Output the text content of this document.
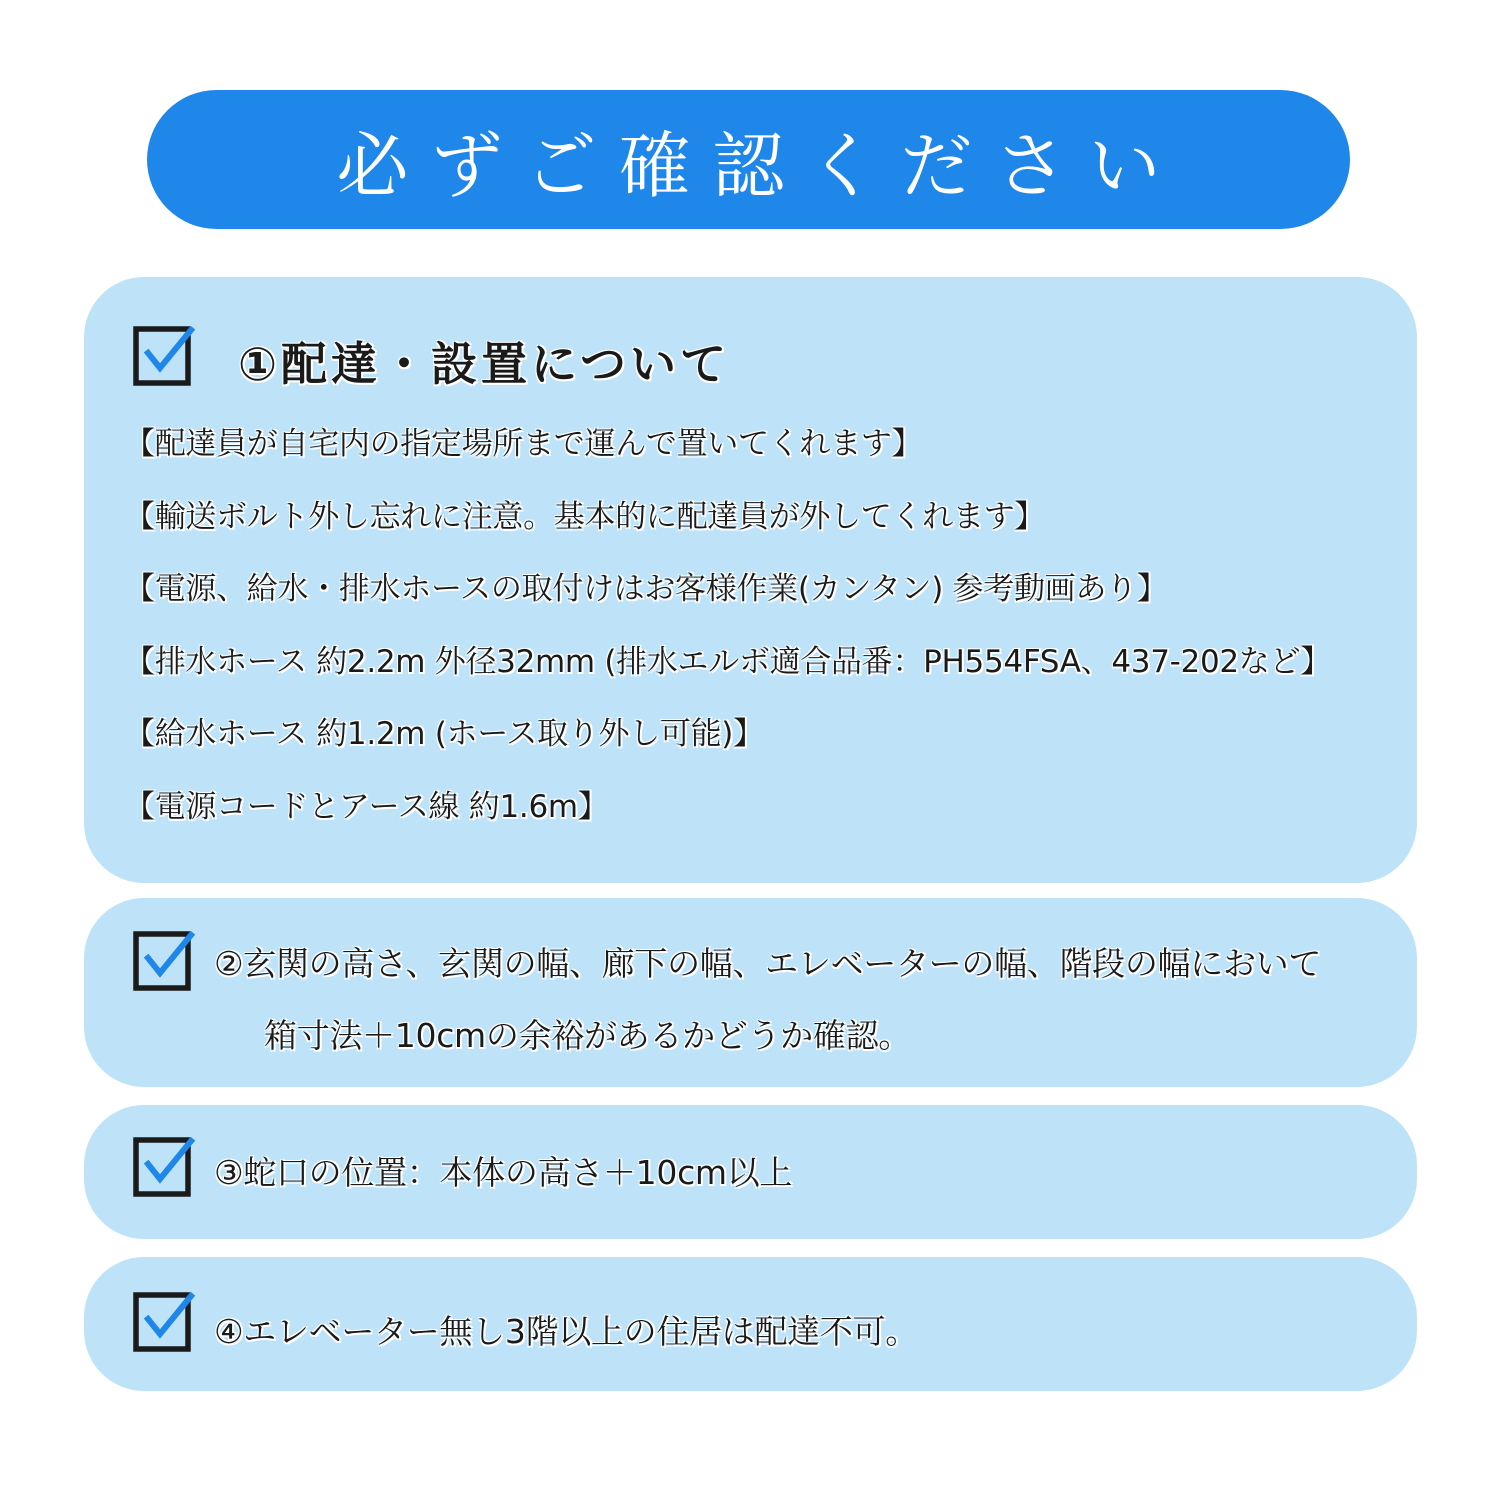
必ずご確認ください
①配達・設置について
【配達員が自宅内の指定場所まで運んで置いてくれます】
【輸送ボルト外し忘れに注意。基本的に配達員が外してくれます】
【電源、給水・排水ホースの取付けはお客様作業(カンタン) 参考動画あり】
【排水ホース 約2.2m 外径32mm (排水エルボ適合品番：PH554FSA、437-202など】
【給水ホース 約1.2m (ホース取り外し可能)】
【電源コードとアース線 約1.6m】
②玄関の高さ、玄関の幅、廊下の幅、エレベーターの幅、階段の幅において
箱寸法＋10cmの余裕があるかどうか確認。
③蛇口の位置：本体の高さ＋10cm以上
④エレベーター無し3階以上の住居は配達不可。
